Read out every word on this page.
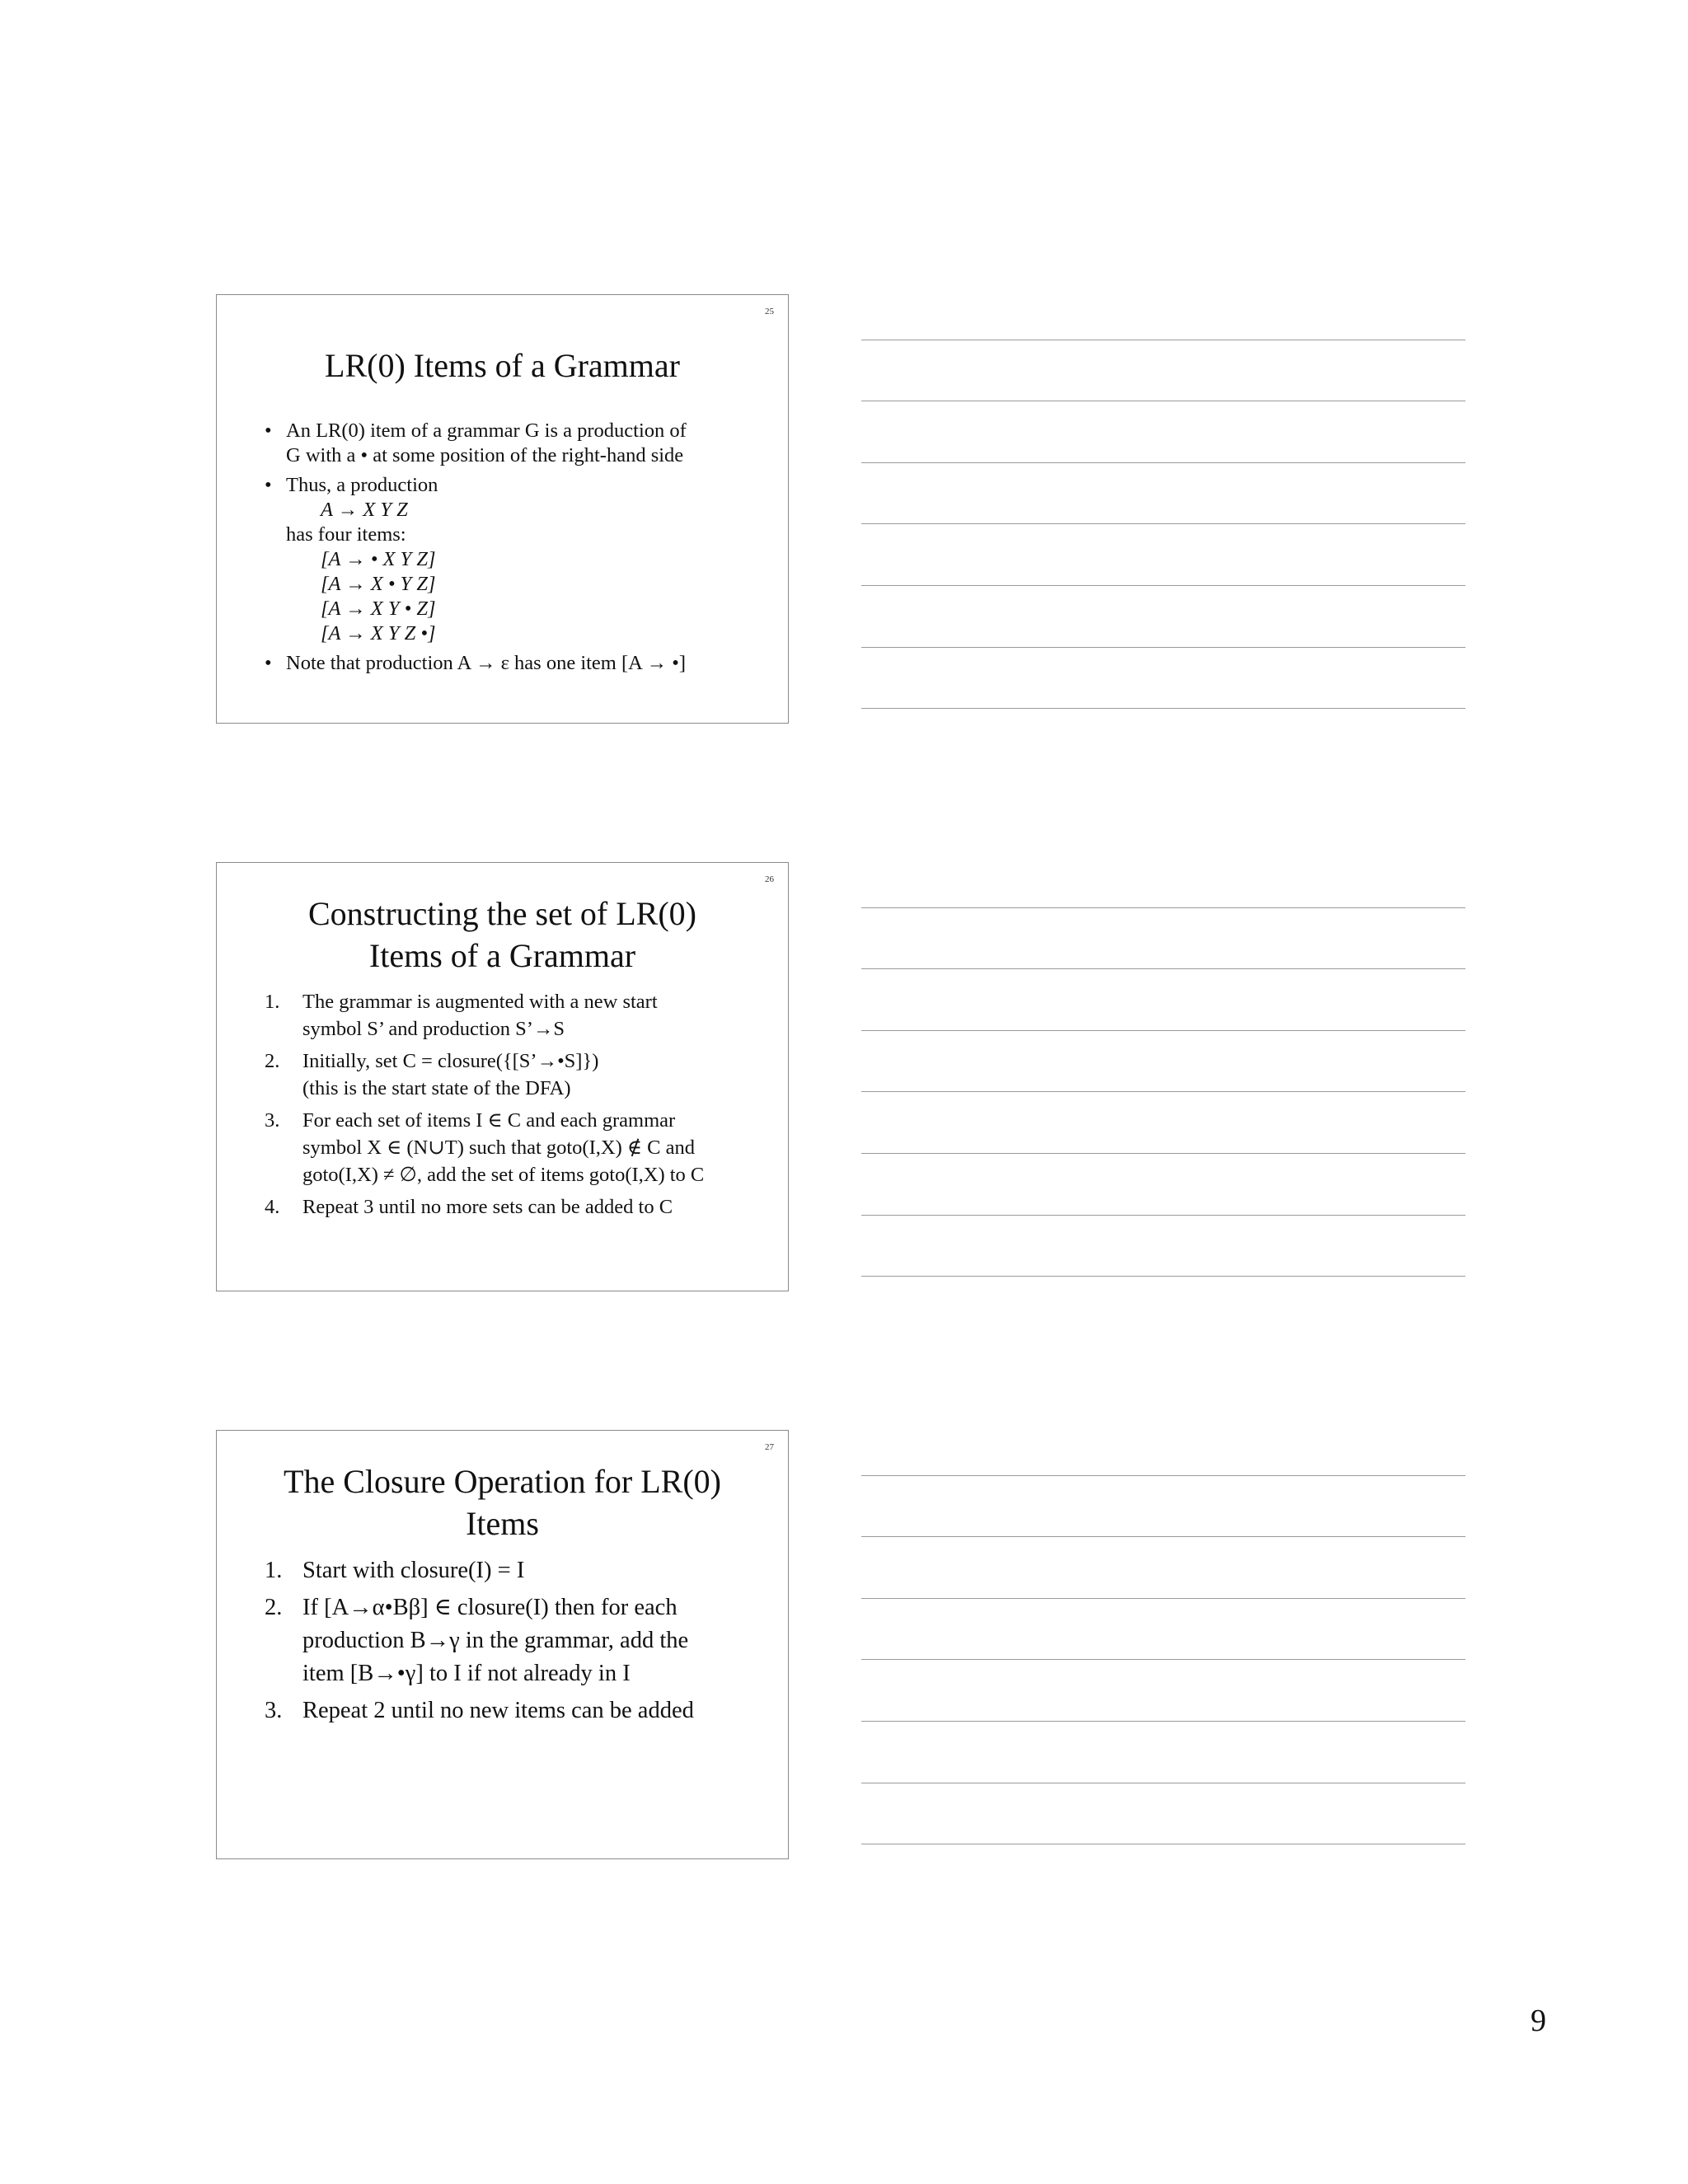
25
LR(0) Items of a Grammar
• An LR(0) item of a grammar G is a production of
G with a • at some position of the right-hand side
• Thus, a production
A → X Y Z
has four items:
[A → • X Y Z]
[A → X • Y Z]
[A → X Y • Z]
[A → X Y Z •]
• Note that production A → ε has one item [A → •]
26
Constructing the set of LR(0)
Items of a Grammar
1. The grammar is augmented with a new start
symbol S’ and production S’→S
2. Initially, set C = closure({[S’→•S]})
(this is the start state of the DFA)
3. For each set of items I ∈ C and each grammar
symbol X ∈ (N∪T) such that goto(I,X) ∉ C and
goto(I,X) ≠ ∅, add the set of items goto(I,X) to C
4. Repeat 3 until no more sets can be added to C
27
The Closure Operation for LR(0)
Items
1. Start with closure(I) = I
2. If [A→α•Bβ] ∈ closure(I) then for each
production B→γ in the grammar, add the
item [B→•γ] to I if not already in I
3. Repeat 2 until no new items can be added
9
